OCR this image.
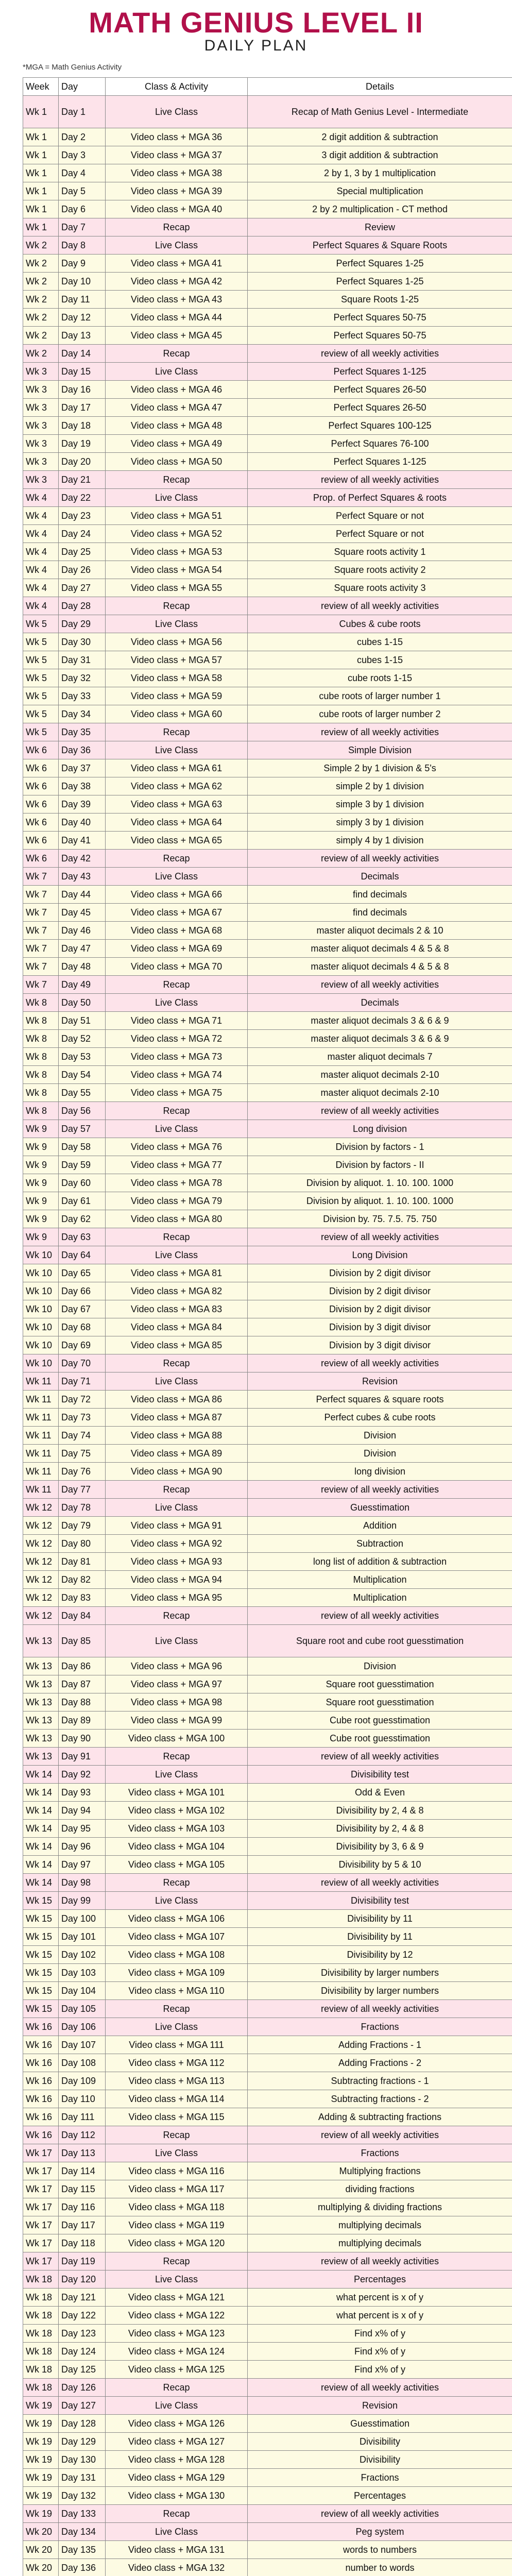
MATH GENIUS LEVEL II
DAILY PLAN
*MGA = Math Genius Activity
Week	Day	Class & Activity	Details
Wk 1	Day 1	Live Class	Recap of Math Genius Level - Intermediate
Wk 1	Day 2	Video class + MGA 36	2 digit addition & subtraction
Wk 1	Day 3	Video class + MGA 37	3 digit addition & subtraction
Wk 1	Day 4	Video class + MGA 38	2 by 1, 3 by 1 multiplication
Wk 1	Day 5	Video class + MGA 39	Special multiplication
Wk 1	Day 6	Video class + MGA 40	2 by 2 multiplication - CT method
Wk 1	Day 7	Recap	Review
Wk 2	Day 8	Live Class	Perfect Squares & Square Roots
Wk 2	Day 9	Video class + MGA 41	Perfect Squares 1-25
Wk 2	Day 10	Video class + MGA 42	Perfect Squares 1-25
Wk 2	Day 11	Video class + MGA 43	Square Roots 1-25
Wk 2	Day 12	Video class + MGA 44	Perfect Squares 50-75
Wk 2	Day 13	Video class + MGA 45	Perfect Squares 50-75
Wk 2	Day 14	Recap	review of all weekly activities
Wk 3	Day 15	Live Class	Perfect Squares 1-125
Wk 3	Day 16	Video class + MGA 46	Perfect Squares 26-50
Wk 3	Day 17	Video class + MGA 47	Perfect Squares 26-50
Wk 3	Day 18	Video class + MGA 48	Perfect Squares 100-125
Wk 3	Day 19	Video class + MGA 49	Perfect Squares 76-100
Wk 3	Day 20	Video class + MGA 50	Perfect Squares 1-125
Wk 3	Day 21	Recap	review of all weekly activities
Wk 4	Day 22	Live Class	Prop. of Perfect Squares & roots
Wk 4	Day 23	Video class + MGA 51	Perfect Square or not
Wk 4	Day 24	Video class + MGA 52	Perfect Square or not
Wk 4	Day 25	Video class + MGA 53	Square roots activity 1
Wk 4	Day 26	Video class + MGA 54	Square roots activity 2
Wk 4	Day 27	Video class + MGA 55	Square roots activity 3
Wk 4	Day 28	Recap	review of all weekly activities
Wk 5	Day 29	Live Class	Cubes & cube roots
Wk 5	Day 30	Video class + MGA 56	cubes 1-15
Wk 5	Day 31	Video class + MGA 57	cubes 1-15
Wk 5	Day 32	Video class + MGA 58	cube roots 1-15
Wk 5	Day 33	Video class + MGA 59	cube roots of larger number 1
Wk 5	Day 34	Video class + MGA 60	cube roots of larger number 2
Wk 5	Day 35	Recap	review of all weekly activities
Wk 6	Day 36	Live Class	Simple Division
Wk 6	Day 37	Video class + MGA 61	Simple 2 by 1 division & 5's
Wk 6	Day 38	Video class + MGA 62	simple 2 by 1 division
Wk 6	Day 39	Video class + MGA 63	simple 3 by 1 division
Wk 6	Day 40	Video class + MGA 64	simply 3 by 1 division
Wk 6	Day 41	Video class + MGA 65	simply 4 by 1 division
Wk 6	Day 42	Recap	review of all weekly activities
Wk 7	Day 43	Live Class	Decimals
Wk 7	Day 44	Video class + MGA 66	find decimals
Wk 7	Day 45	Video class + MGA 67	find decimals
Wk 7	Day 46	Video class + MGA 68	master aliquot decimals 2 & 10
Wk 7	Day 47	Video class + MGA 69	master aliquot decimals 4 & 5 & 8
Wk 7	Day 48	Video class + MGA 70	master aliquot decimals 4 & 5 & 8
Wk 7	Day 49	Recap	review of all weekly activities
Wk 8	Day 50	Live Class	Decimals
Wk 8	Day 51	Video class + MGA 71	master aliquot decimals 3 & 6 & 9
Wk 8	Day 52	Video class + MGA 72	master aliquot decimals 3 & 6 & 9
Wk 8	Day 53	Video class + MGA 73	master aliquot decimals 7
Wk 8	Day 54	Video class + MGA 74	master aliquot decimals 2-10
Wk 8	Day 55	Video class + MGA 75	master aliquot decimals 2-10
Wk 8	Day 56	Recap	review of all weekly activities
Wk 9	Day 57	Live Class	Long division
Wk 9	Day 58	Video class + MGA 76	Division by factors - 1
Wk 9	Day 59	Video class + MGA 77	Division by factors - II
Wk 9	Day 60	Video class + MGA 78	Division by aliquot. 1. 10. 100. 1000
Wk 9	Day 61	Video class + MGA 79	Division by aliquot. 1. 10. 100. 1000
Wk 9	Day 62	Video class + MGA 80	Division by. 75. 7.5. 75. 750
Wk 9	Day 63	Recap	review of all weekly activities
Wk 10	Day 64	Live Class	Long Division
Wk 10	Day 65	Video class + MGA 81	Division by 2 digit divisor
Wk 10	Day 66	Video class + MGA 82	Division by 2 digit divisor
Wk 10	Day 67	Video class + MGA 83	Division by 2 digit divisor
Wk 10	Day 68	Video class + MGA 84	Division by 3 digit divisor
Wk 10	Day 69	Video class + MGA 85	Division by 3 digit divisor
Wk 10	Day 70	Recap	review of all weekly activities
Wk 11	Day 71	Live Class	Revision
Wk 11	Day 72	Video class + MGA 86	Perfect squares & square roots
Wk 11	Day 73	Video class + MGA 87	Perfect cubes & cube roots
Wk 11	Day 74	Video class + MGA 88	Division
Wk 11	Day 75	Video class + MGA 89	Division
Wk 11	Day 76	Video class + MGA 90	long division
Wk 11	Day 77	Recap	review of all weekly activities
Wk 12	Day 78	Live Class	Guesstimation
Wk 12	Day 79	Video class + MGA 91	Addition
Wk 12	Day 80	Video class + MGA 92	Subtraction
Wk 12	Day 81	Video class + MGA 93	long list of addition & subtraction
Wk 12	Day 82	Video class + MGA 94	Multiplication
Wk 12	Day 83	Video class + MGA 95	Multiplication
Wk 12	Day 84	Recap	review of all weekly activities
Wk 13	Day 85	Live Class	Square root and cube root guesstimation
Wk 13	Day 86	Video class + MGA 96	Division
Wk 13	Day 87	Video class + MGA 97	Square root guesstimation
Wk 13	Day 88	Video class + MGA 98	Square root guesstimation
Wk 13	Day 89	Video class + MGA 99	Cube root guesstimation
Wk 13	Day 90	Video class + MGA 100	Cube root guesstimation
Wk 13	Day 91	Recap	review of all weekly activities
Wk 14	Day 92	Live Class	Divisibility test
Wk 14	Day 93	Video class + MGA 101	Odd & Even
Wk 14	Day 94	Video class + MGA 102	Divisibility by 2, 4 & 8
Wk 14	Day 95	Video class + MGA 103	Divisibility by 2, 4 & 8
Wk 14	Day 96	Video class + MGA 104	Divisibility by 3, 6 & 9
Wk 14	Day 97	Video class + MGA 105	Divisibility by 5 & 10
Wk 14	Day 98	Recap	review of all weekly activities
Wk 15	Day 99	Live Class	Divisibility test
Wk 15	Day 100	Video class + MGA 106	Divisibility by 11
Wk 15	Day 101	Video class + MGA 107	Divisibility by 11
Wk 15	Day 102	Video class + MGA 108	Divisibility by 12
Wk 15	Day 103	Video class + MGA 109	Divisibility by larger numbers
Wk 15	Day 104	Video class + MGA 110	Divisibility by larger numbers
Wk 15	Day 105	Recap	review of all weekly activities
Wk 16	Day 106	Live Class	Fractions
Wk 16	Day 107	Video class + MGA 111	Adding Fractions - 1
Wk 16	Day 108	Video class + MGA 112	Adding Fractions - 2
Wk 16	Day 109	Video class + MGA 113	Subtracting fractions - 1
Wk 16	Day 110	Video class + MGA 114	Subtracting fractions - 2
Wk 16	Day 111	Video class + MGA 115	Adding & subtracting fractions
Wk 16	Day 112	Recap	review of all weekly activities
Wk 17	Day 113	Live Class	Fractions
Wk 17	Day 114	Video class + MGA 116	Multiplying fractions
Wk 17	Day 115	Video class + MGA 117	dividing fractions
Wk 17	Day 116	Video class + MGA 118	multiplying & dividing fractions
Wk 17	Day 117	Video class + MGA 119	multiplying decimals
Wk 17	Day 118	Video class + MGA 120	multiplying decimals
Wk 17	Day 119	Recap	review of all weekly activities
Wk 18	Day 120	Live Class	Percentages
Wk 18	Day 121	Video class + MGA 121	what percent is x of y
Wk 18	Day 122	Video class + MGA 122	what percent is x of y
Wk 18	Day 123	Video class + MGA 123	Find x% of y
Wk 18	Day 124	Video class + MGA 124	Find x% of y
Wk 18	Day 125	Video class + MGA 125	Find x% of y
Wk 18	Day 126	Recap	review of all weekly activities
Wk 19	Day 127	Live Class	Revision
Wk 19	Day 128	Video class + MGA 126	Guesstimation
Wk 19	Day 129	Video class + MGA 127	Divisibility
Wk 19	Day 130	Video class + MGA 128	Divisibility
Wk 19	Day 131	Video class + MGA 129	Fractions
Wk 19	Day 132	Video class + MGA 130	Percentages
Wk 19	Day 133	Recap	review of all weekly activities
Wk 20	Day 134	Live Class	Peg system
Wk 20	Day 135	Video class + MGA 131	words to numbers
Wk 20	Day 136	Video class + MGA 132	number to words
